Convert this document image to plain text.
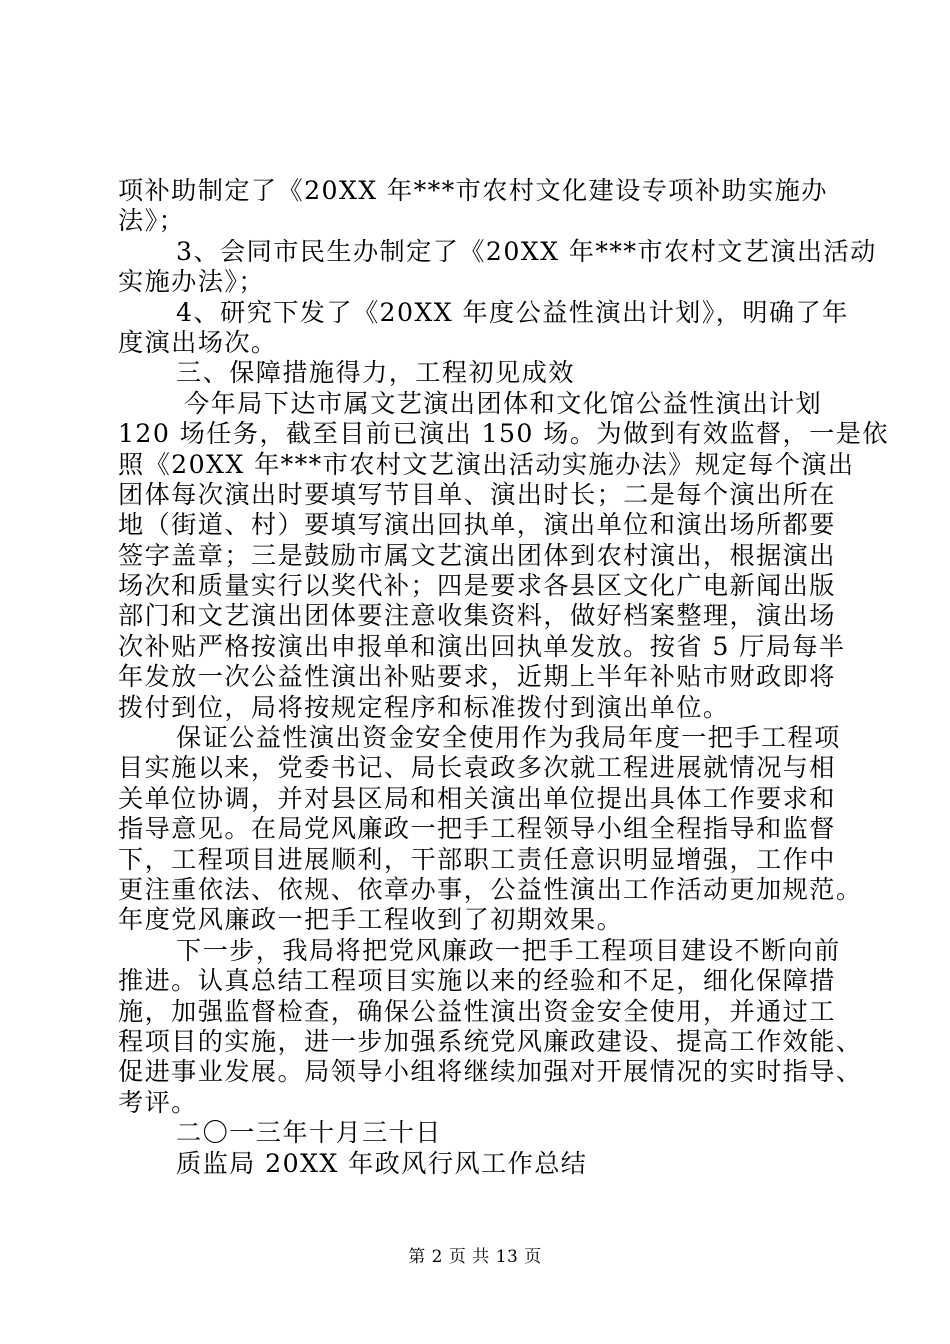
项补助制定了《20XX 年***市农村文化建设专项补助实施办
法》；
3、会同市民生办制定了《20XX 年***市农村文艺演出活动
实施办法》；
4、研究下发了《20XX 年度公益性演出计划》，明确了年
度演出场次。
三、保障措施得力，工程初见成效
今年局下达市属文艺演出团体和文化馆公益性演出计划
120 场任务，截至目前已演出 150 场。为做到有效监督，一是依
照《20XX 年***市农村文艺演出活动实施办法》规定每个演出
团体每次演出时要填写节目单、演出时长；二是每个演出所在
地（街道、村）要填写演出回执单，演出单位和演出场所都要
签字盖章；三是鼓励市属文艺演出团体到农村演出，根据演出
场次和质量实行以奖代补；四是要求各县区文化广电新闻出版
部门和文艺演出团体要注意收集资料，做好档案整理，演出场
次补贴严格按演出申报单和演出回执单发放。按省 5 厅局每半
年发放一次公益性演出补贴要求，近期上半年补贴市财政即将
拨付到位，局将按规定程序和标准拨付到演出单位。
保证公益性演出资金安全使用作为我局年度一把手工程项
目实施以来，党委书记、局长袁政多次就工程进展就情况与相
关单位协调，并对县区局和相关演出单位提出具体工作要求和
指导意见。在局党风廉政一把手工程领导小组全程指导和监督
下，工程项目进展顺利，干部职工责任意识明显增强，工作中
更注重依法、依规、依章办事，公益性演出工作活动更加规范。
年度党风廉政一把手工程收到了初期效果。
下一步，我局将把党风廉政一把手工程项目建设不断向前
推进。认真总结工程项目实施以来的经验和不足，细化保障措
施，加强监督检查，确保公益性演出资金安全使用，并通过工
程项目的实施，进一步加强系统党风廉政建设、提高工作效能、
促进事业发展。局领导小组将继续加强对开展情况的实时指导、
考评。
二〇一三年十月三十日
质监局 20XX 年政风行风工作总结
第 2 页 共 13 页
